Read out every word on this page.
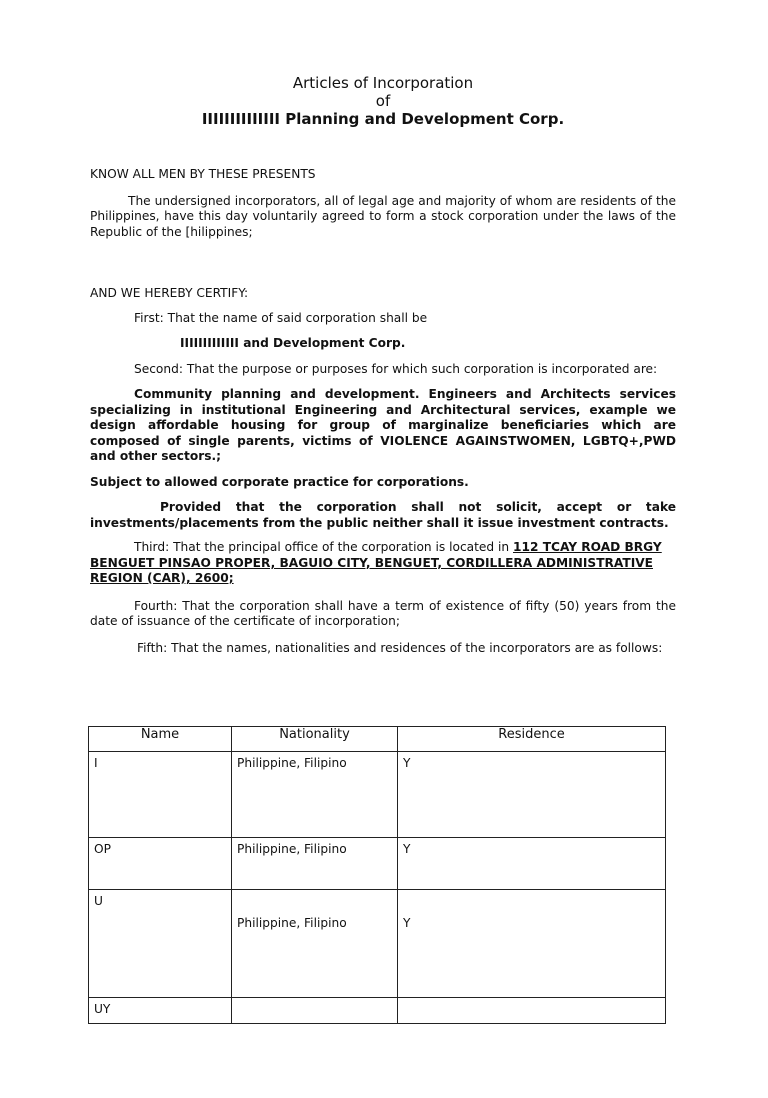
Articles of Incorporation
of
IIIIIIIIIIIIII Planning and Development Corp.

KNOW ALL MEN BY THESE PRESENTS

The undersigned incorporators, all of legal age and majority of whom are residents of the Philippines, have this day voluntarily agreed to form a stock corporation under the laws of the Republic of the [hilippines;

AND WE HEREBY CERTIFY:

First: That the name of said corporation shall be

IIIIIIIIIIIII and Development Corp.

Second: That the purpose or purposes for which such corporation is incorporated are:

Community planning and development. Engineers and Architects services specializing in institutional Engineering and Architectural services, example we design affordable housing for group of marginalize beneficiaries which are composed of single parents, victims of VIOLENCE AGAINSTWOMEN, LGBTQ+,PWD and other sectors.;

Subject to allowed corporate practice for corporations.

Provided that the corporation shall not solicit, accept or take investments/placements from the public neither shall it issue investment contracts.

Third: That the principal office of the corporation is located in 112 TCAY ROAD BRGY BENGUET PINSAO PROPER, BAGUIO CITY, BENGUET, CORDILLERA ADMINISTRATIVE REGION (CAR), 2600;

Fourth: That the corporation shall have a term of existence of fifty (50) years from the date of issuance of the certificate of incorporation;

Fifth: That the names, nationalities and residences of the incorporators are as follows:

Name	Nationality	Residence
I	Philippine, Filipino	Y
OP	Philippine, Filipino	Y
U	Philippine, Filipino	Y
UY		
